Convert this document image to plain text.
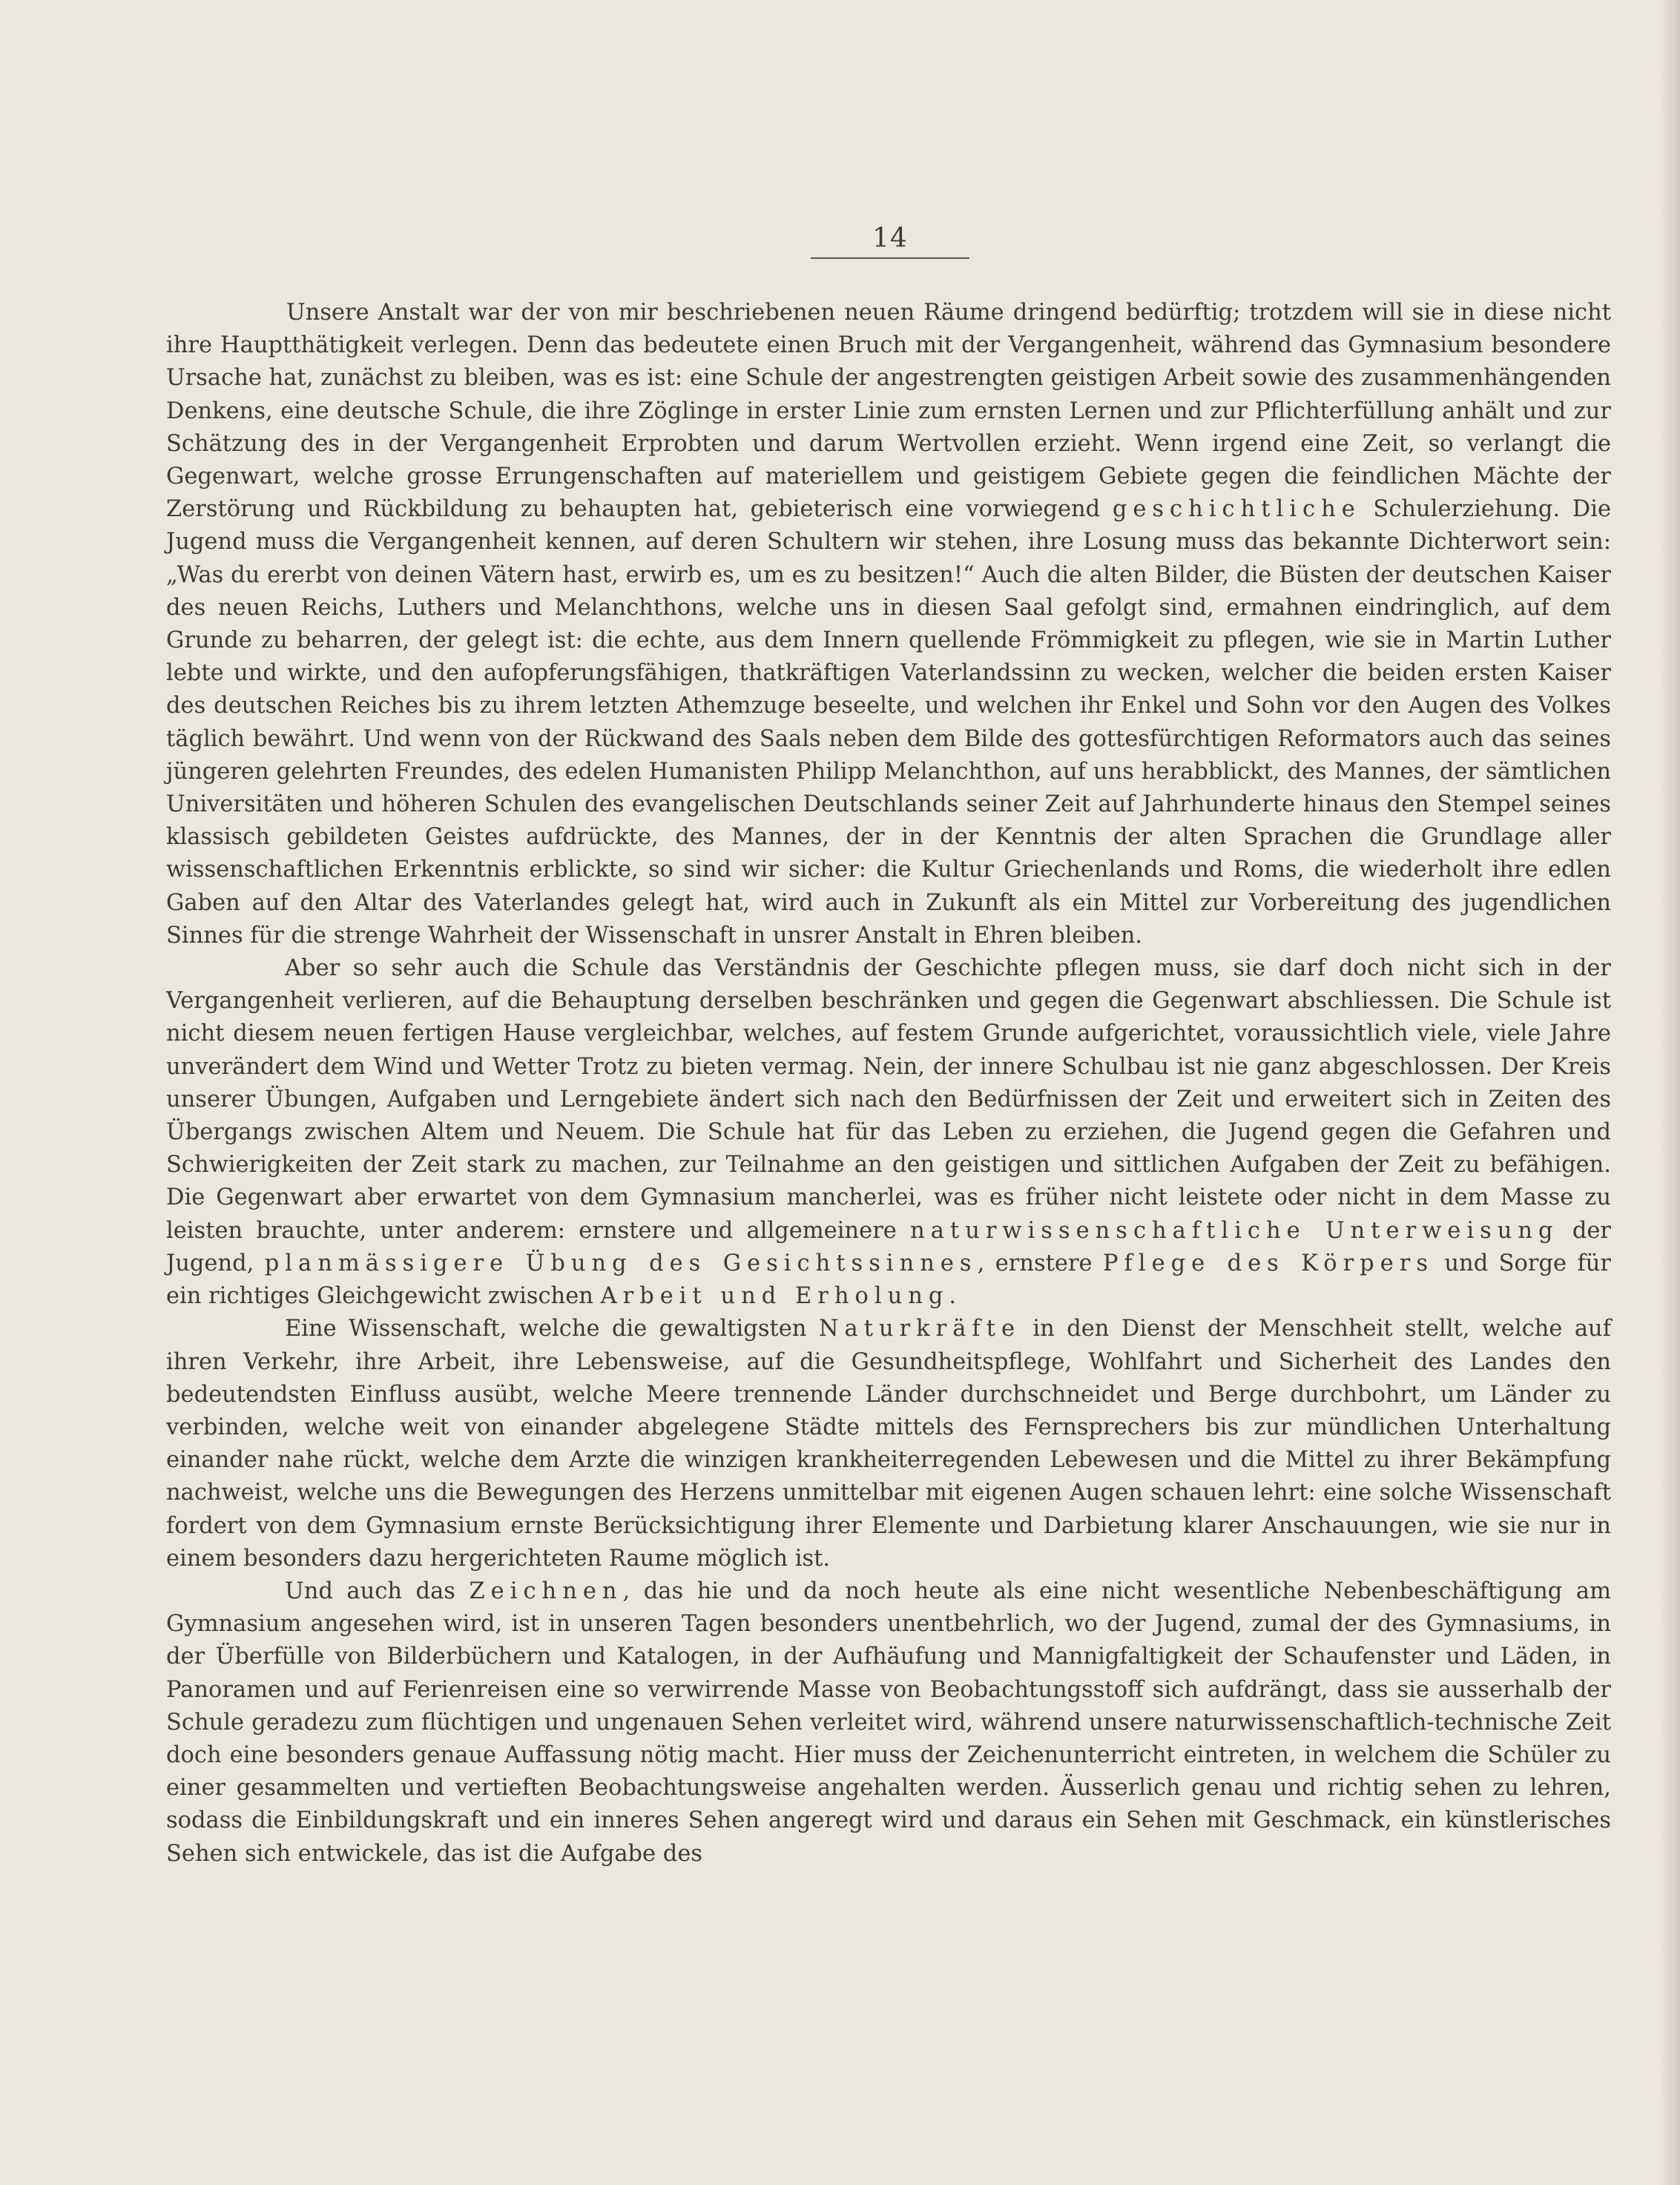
14

Unsere Anstalt war der von mir beschriebenen neuen Räume dringend bedürftig; trotzdem will sie in diese nicht ihre Hauptthätigkeit verlegen. Denn das bedeutete einen Bruch mit der Vergangenheit, während das Gymnasium besondere Ursache hat, zunächst zu bleiben, was es ist: eine Schule der angestrengten geistigen Arbeit sowie des zusammenhängenden Denkens, eine deutsche Schule, die ihre Zöglinge in erster Linie zum ernsten Lernen und zur Pflichterfüllung anhält und zur Schätzung des in der Vergangenheit Erprobten und darum Wertvollen erzieht. Wenn irgend eine Zeit, so verlangt die Gegenwart, welche grosse Errungenschaften auf materiellem und geistigem Gebiete gegen die feindlichen Mächte der Zerstörung und Rückbildung zu behaupten hat, gebieterisch eine vorwiegend geschichtliche Schulerziehung. Die Jugend muss die Vergangenheit kennen, auf deren Schultern wir stehen, ihre Losung muss das bekannte Dichterwort sein: „Was du ererbt von deinen Vätern hast, erwirb es, um es zu besitzen!“ Auch die alten Bilder, die Büsten der deutschen Kaiser des neuen Reichs, Luthers und Melanchthons, welche uns in diesen Saal gefolgt sind, ermahnen eindringlich, auf dem Grunde zu beharren, der gelegt ist: die echte, aus dem Innern quellende Frömmigkeit zu pflegen, wie sie in Martin Luther lebte und wirkte, und den aufopferungsfähigen, thatkräftigen Vaterlandssinn zu wecken, welcher die beiden ersten Kaiser des deutschen Reiches bis zu ihrem letzten Athemzuge beseelte, und welchen ihr Enkel und Sohn vor den Augen des Volkes täglich bewährt. Und wenn von der Rückwand des Saals neben dem Bilde des gottesfürchtigen Reformators auch das seines jüngeren gelehrten Freundes, des edelen Humanisten Philipp Melanchthon, auf uns herabblickt, des Mannes, der sämtlichen Universitäten und höheren Schulen des evangelischen Deutschlands seiner Zeit auf Jahrhunderte hinaus den Stempel seines klassisch gebildeten Geistes aufdrückte, des Mannes, der in der Kenntnis der alten Sprachen die Grundlage aller wissenschaftlichen Erkenntnis erblickte, so sind wir sicher: die Kultur Griechenlands und Roms, die wiederholt ihre edlen Gaben auf den Altar des Vaterlandes gelegt hat, wird auch in Zukunft als ein Mittel zur Vorbereitung des jugendlichen Sinnes für die strenge Wahrheit der Wissenschaft in unsrer Anstalt in Ehren bleiben.

Aber so sehr auch die Schule das Verständnis der Geschichte pflegen muss, sie darf doch nicht sich in der Vergangenheit verlieren, auf die Behauptung derselben beschränken und gegen die Gegenwart abschliessen. Die Schule ist nicht diesem neuen fertigen Hause vergleichbar, welches, auf festem Grunde aufgerichtet, voraussichtlich viele, viele Jahre unverändert dem Wind und Wetter Trotz zu bieten vermag. Nein, der innere Schulbau ist nie ganz abgeschlossen. Der Kreis unserer Übungen, Aufgaben und Lerngebiete ändert sich nach den Bedürfnissen der Zeit und erweitert sich in Zeiten des Übergangs zwischen Altem und Neuem. Die Schule hat für das Leben zu erziehen, die Jugend gegen die Gefahren und Schwierigkeiten der Zeit stark zu machen, zur Teilnahme an den geistigen und sittlichen Aufgaben der Zeit zu befähigen. Die Gegenwart aber erwartet von dem Gymnasium mancherlei, was es früher nicht leistete oder nicht in dem Masse zu leisten brauchte, unter anderem: ernstere und allgemeinere naturwissenschaftliche Unterweisung der Jugend, planmässigere Übung des Gesichtssinnes, ernstere Pflege des Körpers und Sorge für ein richtiges Gleichgewicht zwischen Arbeit und Erholung.

Eine Wissenschaft, welche die gewaltigsten Naturkräfte in den Dienst der Menschheit stellt, welche auf ihren Verkehr, ihre Arbeit, ihre Lebensweise, auf die Gesundheitspflege, Wohlfahrt und Sicherheit des Landes den bedeutendsten Einfluss ausübt, welche Meere trennende Länder durchschneidet und Berge durchbohrt, um Länder zu verbinden, welche weit von einander abgelegene Städte mittels des Fernsprechers bis zur mündlichen Unterhaltung einander nahe rückt, welche dem Arzte die winzigen krankheiterregenden Lebewesen und die Mittel zu ihrer Bekämpfung nachweist, welche uns die Bewegungen des Herzens unmittelbar mit eigenen Augen schauen lehrt: eine solche Wissenschaft fordert von dem Gymnasium ernste Berücksichtigung ihrer Elemente und Darbietung klarer Anschauungen, wie sie nur in einem besonders dazu hergerichteten Raume möglich ist.

Und auch das Zeichnen, das hie und da noch heute als eine nicht wesentliche Nebenbeschäftigung am Gymnasium angesehen wird, ist in unseren Tagen besonders unentbehrlich, wo der Jugend, zumal der des Gymnasiums, in der Überfülle von Bilderbüchern und Katalogen, in der Aufhäufung und Mannigfaltigkeit der Schaufenster und Läden, in Panoramen und auf Ferienreisen eine so verwirrende Masse von Beobachtungsstoff sich aufdrängt, dass sie ausserhalb der Schule geradezu zum flüchtigen und ungenauen Sehen verleitet wird, während unsere naturwissenschaftlich-technische Zeit doch eine besonders genaue Auffassung nötig macht. Hier muss der Zeichenunterricht eintreten, in welchem die Schüler zu einer gesammelten und vertieften Beobachtungsweise angehalten werden. Äusserlich genau und richtig sehen zu lehren, sodass die Einbildungskraft und ein inneres Sehen angeregt wird und daraus ein Sehen mit Geschmack, ein künstlerisches Sehen sich entwickele, das ist die Aufgabe des
